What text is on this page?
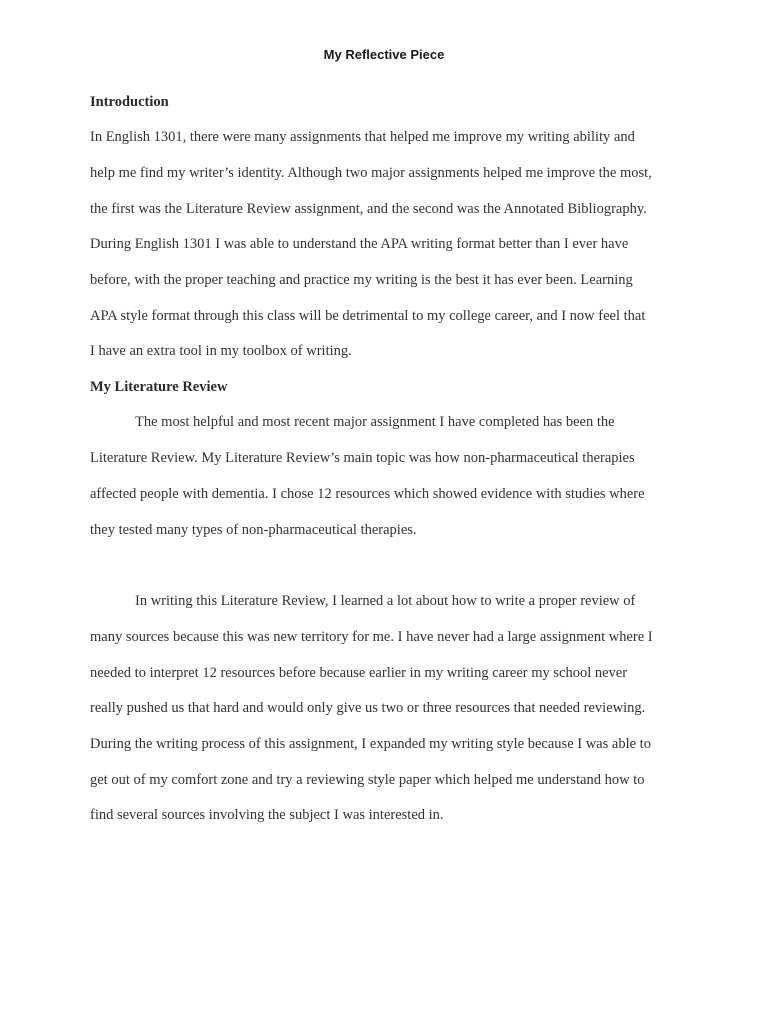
My Reflective Piece
Introduction
In English 1301, there were many assignments that helped me improve my writing ability and
help me find my writer’s identity. Although two major assignments helped me improve the most,
the first was the Literature Review assignment, and the second was the Annotated Bibliography.
During English 1301 I was able to understand the APA writing format better than I ever have
before, with the proper teaching and practice my writing is the best it has ever been. Learning
APA style format through this class will be detrimental to my college career, and I now feel that
I have an extra tool in my toolbox of writing.
My Literature Review
The most helpful and most recent major assignment I have completed has been the
Literature Review. My Literature Review’s main topic was how non-pharmaceutical therapies
affected people with dementia. I chose 12 resources which showed evidence with studies where
they tested many types of non-pharmaceutical therapies.
In writing this Literature Review, I learned a lot about how to write a proper review of
many sources because this was new territory for me. I have never had a large assignment where I
needed to interpret 12 resources before because earlier in my writing career my school never
really pushed us that hard and would only give us two or three resources that needed reviewing.
During the writing process of this assignment, I expanded my writing style because I was able to
get out of my comfort zone and try a reviewing style paper which helped me understand how to
find several sources involving the subject I was interested in.
